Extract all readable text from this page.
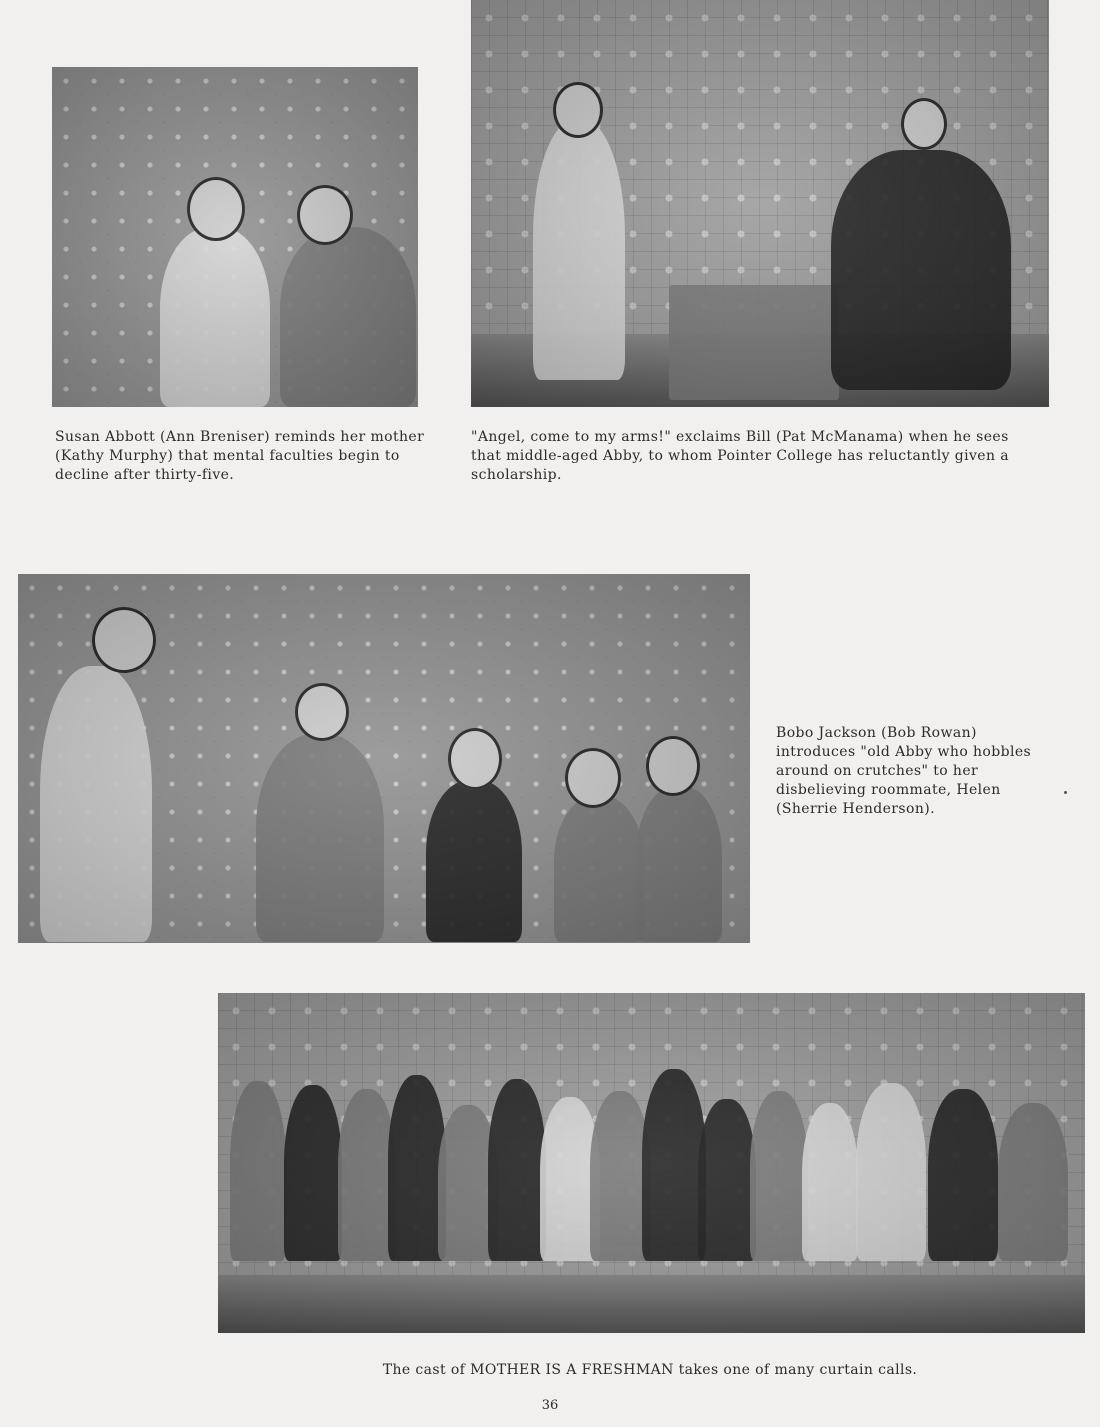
Susan Abbott (Ann Breniser) reminds her mother (Kathy Murphy) that mental faculties begin to decline after thirty-five.

"Angel, come to my arms!" exclaims Bill (Pat McManama) when he sees that middle-aged Abby, to whom Pointer College has reluctantly given a scholarship.

Bobo Jackson (Bob Rowan) introduces "old Abby who hobbles around on crutches" to her disbelieving roommate, Helen (Sherrie Henderson).

The cast of MOTHER IS A FRESHMAN takes one of many curtain calls.

36
